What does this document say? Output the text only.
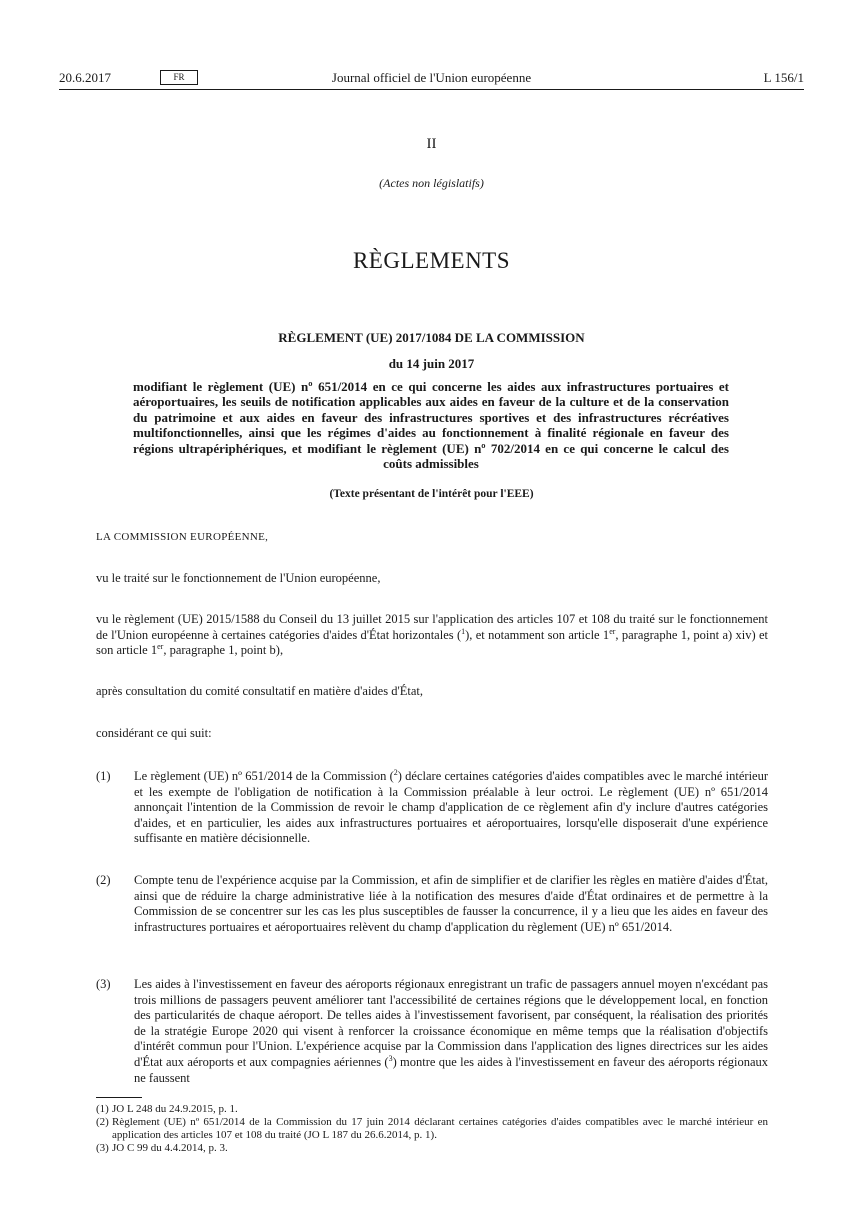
20.6.2017	FR	Journal officiel de l'Union européenne	L 156/1
II
(Actes non législatifs)
RÈGLEMENTS
RÈGLEMENT (UE) 2017/1084 DE LA COMMISSION
du 14 juin 2017
modifiant le règlement (UE) nº 651/2014 en ce qui concerne les aides aux infrastructures portuaires et aéroportuaires, les seuils de notification applicables aux aides en faveur de la culture et de la conservation du patrimoine et aux aides en faveur des infrastructures sportives et des infrastructures récréatives multifonctionnelles, ainsi que les régimes d'aides au fonctionnement à finalité régionale en faveur des régions ultrapériphériques, et modifiant le règlement (UE) nº 702/2014 en ce qui concerne le calcul des coûts admissibles
(Texte présentant de l'intérêt pour l'EEE)
LA COMMISSION EUROPÉENNE,
vu le traité sur le fonctionnement de l'Union européenne,
vu le règlement (UE) 2015/1588 du Conseil du 13 juillet 2015 sur l'application des articles 107 et 108 du traité sur le fonctionnement de l'Union européenne à certaines catégories d'aides d'État horizontales ($^1$), et notamment son article 1er, paragraphe 1, point a) xiv) et son article 1er, paragraphe 1, point b),
après consultation du comité consultatif en matière d'aides d'État,
considérant ce qui suit:
(1) Le règlement (UE) nº 651/2014 de la Commission ($^2$) déclare certaines catégories d'aides compatibles avec le marché intérieur et les exempte de l'obligation de notification à la Commission préalable à leur octroi. Le règlement (UE) nº 651/2014 annonçait l'intention de la Commission de revoir le champ d'application de ce règlement afin d'y inclure d'autres catégories d'aides, et en particulier, les aides aux infrastructures portuaires et aéroportuaires, lorsqu'elle disposerait d'une expérience suffisante en matière décisionnelle.
(2) Compte tenu de l'expérience acquise par la Commission, et afin de simplifier et de clarifier les règles en matière d'aides d'État, ainsi que de réduire la charge administrative liée à la notification des mesures d'aide d'État ordinaires et de permettre à la Commission de se concentrer sur les cas les plus susceptibles de fausser la concurrence, il y a lieu que les aides en faveur des infrastructures portuaires et aéroportuaires relèvent du champ d'application du règlement (UE) nº 651/2014.
(3) Les aides à l'investissement en faveur des aéroports régionaux enregistrant un trafic de passagers annuel moyen n'excédant pas trois millions de passagers peuvent améliorer tant l'accessibilité de certaines régions que le développement local, en fonction des particularités de chaque aéroport. De telles aides à l'investissement favorisent, par conséquent, la réalisation des priorités de la stratégie Europe 2020 qui visent à renforcer la croissance économique en même temps que la réalisation d'objectifs d'intérêt commun pour l'Union. L'expérience acquise par la Commission dans l'application des lignes directrices sur les aides d'État aux aéroports et aux compagnies aériennes ($^3$) montre que les aides à l'investissement en faveur des aéroports régionaux ne faussent
(1) JO L 248 du 24.9.2015, p. 1.
(2) Règlement (UE) nº 651/2014 de la Commission du 17 juin 2014 déclarant certaines catégories d'aides compatibles avec le marché intérieur en application des articles 107 et 108 du traité (JO L 187 du 26.6.2014, p. 1).
(3) JO C 99 du 4.4.2014, p. 3.
